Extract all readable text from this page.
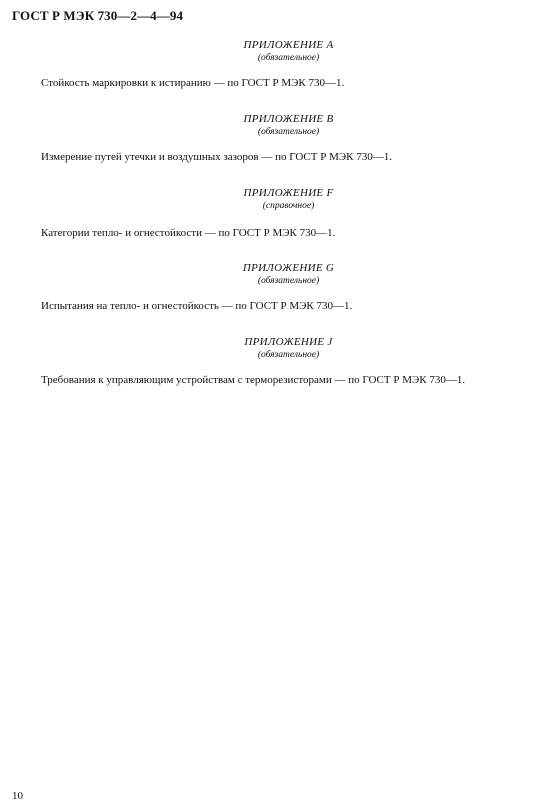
ГОСТ Р МЭК 730—2—4—94
ПРИЛОЖЕНИЕ А
(обязательное)
Стойкость маркировки к истиранию — по ГОСТ Р МЭК 730—1.
ПРИЛОЖЕНИЕ В
(обязательное)
Измерение путей утечки и воздушных зазоров — по ГОСТ Р МЭК 730—1.
ПРИЛОЖЕНИЕ F
(справочное)
Категории тепло- и огнестойкости — по ГОСТ Р МЭК 730—1.
ПРИЛОЖЕНИЕ G
(обязательное)
Испытания на тепло- и огнестойкость — по ГОСТ Р МЭК 730—1.
ПРИЛОЖЕНИЕ J
(обязательное)
Требования к управляющим устройствам с терморезисторами — по ГОСТ Р МЭК 730—1.
10
